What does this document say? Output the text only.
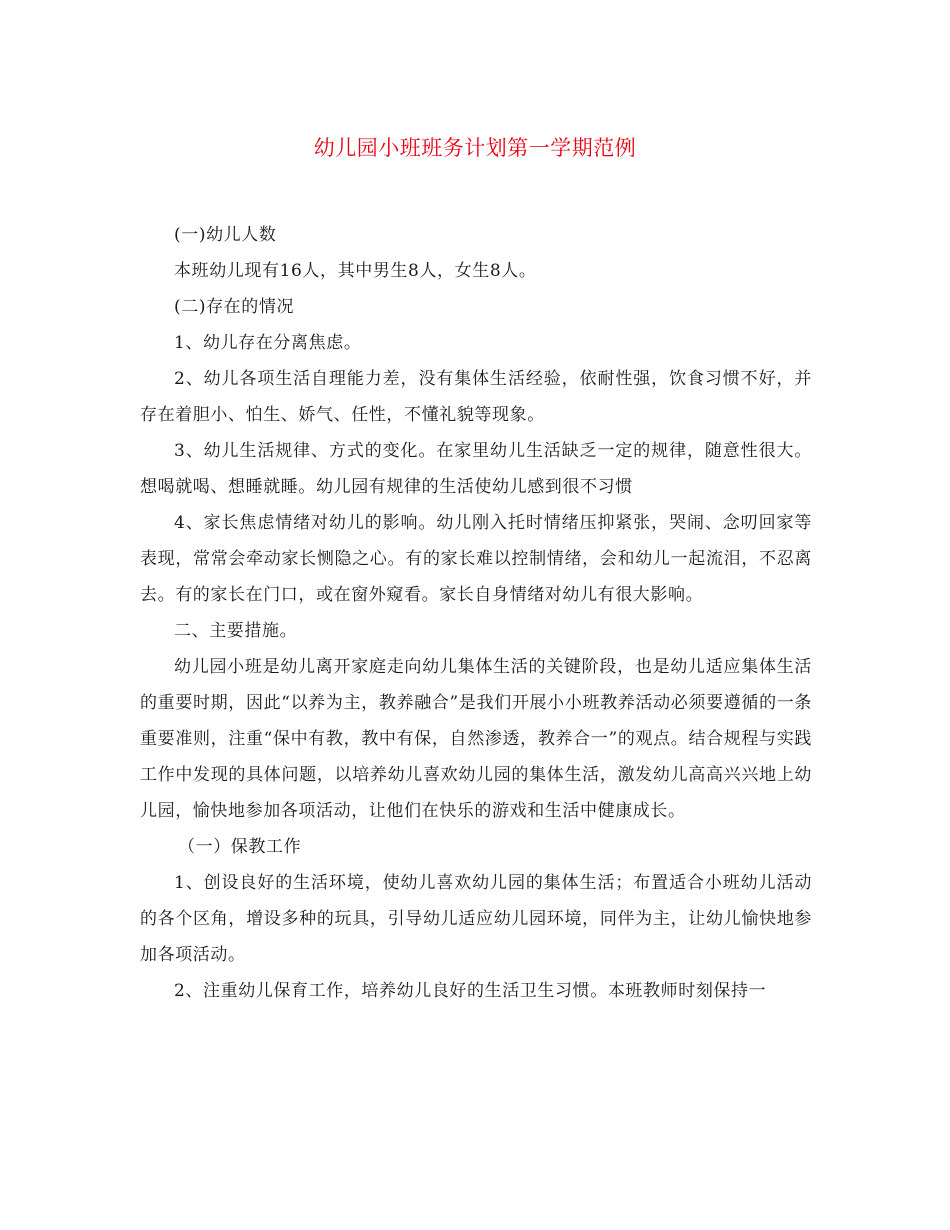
幼儿园小班班务计划第一学期范例

(一)幼儿人数

本班幼儿现有16人，其中男生8人，女生8人。

(二)存在的情况

1、幼儿存在分离焦虑。

2、幼儿各项生活自理能力差，没有集体生活经验，依耐性强，饮食习惯不好，并存在着胆小、怕生、娇气、任性，不懂礼貌等现象。

3、幼儿生活规律、方式的变化。在家里幼儿生活缺乏一定的规律，随意性很大。想喝就喝、想睡就睡。幼儿园有规律的生活使幼儿感到很不习惯

4、家长焦虑情绪对幼儿的影响。幼儿刚入托时情绪压抑紧张，哭闹、念叨回家等表现，常常会牵动家长恻隐之心。有的家长难以控制情绪，会和幼儿一起流泪，不忍离去。有的家长在门口，或在窗外窥看。家长自身情绪对幼儿有很大影响。

二、主要措施。

幼儿园小班是幼儿离开家庭走向幼儿集体生活的关键阶段，也是幼儿适应集体生活的重要时期，因此“以养为主，教养融合”是我们开展小小班教养活动必须要遵循的一条重要准则，注重“保中有教，教中有保，自然渗透，教养合一”的观点。结合规程与实践工作中发现的具体问题，以培养幼儿喜欢幼儿园的集体生活，激发幼儿高高兴兴地上幼儿园，愉快地参加各项活动，让他们在快乐的游戏和生活中健康成长。

（一）保教工作

1、创设良好的生活环境，使幼儿喜欢幼儿园的集体生活；布置适合小班幼儿活动的各个区角，增设多种的玩具，引导幼儿适应幼儿园环境，同伴为主，让幼儿愉快地参加各项活动。

2、注重幼儿保育工作，培养幼儿良好的生活卫生习惯。本班教师时刻保持一
